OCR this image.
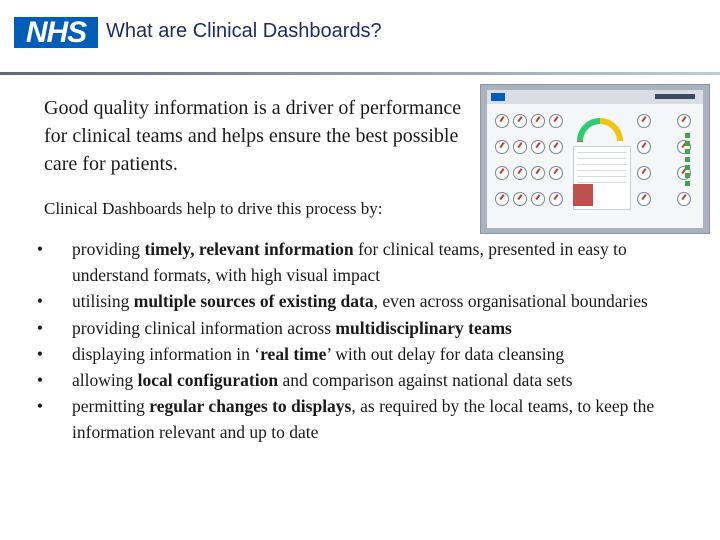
NHS What are Clinical Dashboards?
Good quality information is a driver of performance for clinical teams and helps ensure the best possible care for patients.
Clinical Dashboards help to drive this process by:
•	providing timely, relevant information for clinical teams, presented in easy to understand formats, with high visual impact
•	utilising multiple sources of existing data, even across organisational boundaries
•	providing clinical information across multidisciplinary teams
•	displaying information in ‘real time’ with out delay for data cleansing
•	allowing local configuration and comparison against national data sets
•	permitting regular changes to displays, as required by the local teams, to keep the information relevant and up to date
